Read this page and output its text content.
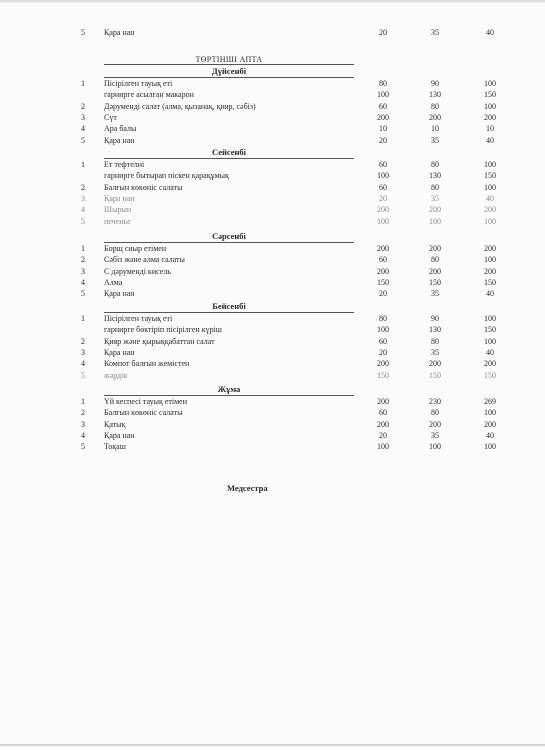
5 Қара нан	20	35	40
ТӨРТІНШІ АПТА
Дүйсенбі
1 Пісірілген тауық еті	80	90	100
гарнирге асылған макарон	100	130	150
2 Дәруменді салат (алма, қызанақ, қияр, сәбіз)	60	80	100
3 Сүт	200	200	200
4 Ара балы	10	10	10
5 Қара нан	20	35	40
Сейсенбі
1 Ет тефтелиі	60	80	100
гарнирге бытырап піскен қарақұмық	100	130	150
2 Балғын көкөніс салаты	60	80	100
3 Қара нан	20	35	40
4 Шырын	200	200	200
5 печенье	100	100	100
Сәрсенбі
1 Борщ сиыр етімен	200	200	200
2 Сәбіз және алма салаты	60	80	100
3 С дәруменді кисель	200	200	200
4 Алма	150	150	150
5 Қара нан	20	35	40
Бейсенбі
1 Пісірілген тауық еті	80	90	100
гарнирге бөктіріп пісірілген күріш	100	130	150
2 Қияр және қырыққабаттан салат	60	80	100
3 Қара нан	20	35	40
4 Компот балғын жемістен	200	200	200
5 жәрдік	150	150	150
Жұма
1 Үй кеспесі тауық етімен	200	230	269
2 Балғын көкөніс салаты	60	80	100
3 Қатық	200	200	200
4 Қара нан	20	35	40
5 Тоқаш	100	100	100
Медсестра
